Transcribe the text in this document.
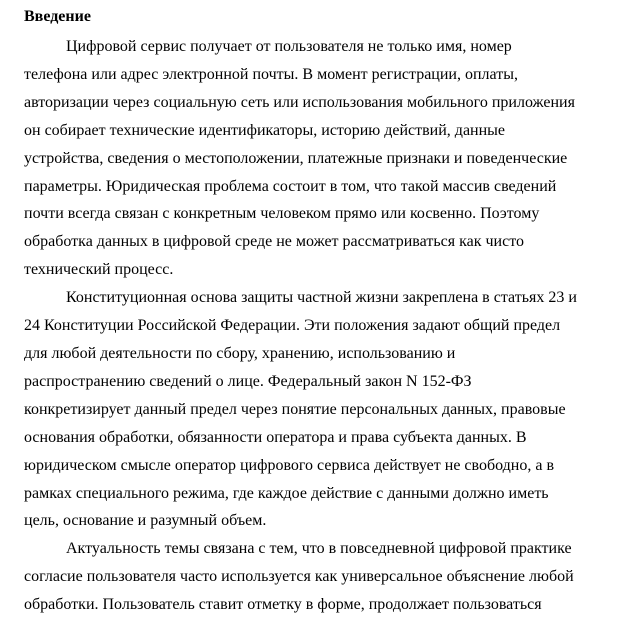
Введение
Цифровой сервис получает от пользователя не только имя, номер
телефона или адрес электронной почты. В момент регистрации, оплаты,
авторизации через социальную сеть или использования мобильного приложения
он собирает технические идентификаторы, историю действий, данные
устройства, сведения о местоположении, платежные признаки и поведенческие
параметры. Юридическая проблема состоит в том, что такой массив сведений
почти всегда связан с конкретным человеком прямо или косвенно. Поэтому
обработка данных в цифровой среде не может рассматриваться как чисто
технический процесс.
Конституционная основа защиты частной жизни закреплена в статьях 23 и
24 Конституции Российской Федерации. Эти положения задают общий предел
для любой деятельности по сбору, хранению, использованию и
распространению сведений о лице. Федеральный закон N 152-ФЗ
конкретизирует данный предел через понятие персональных данных, правовые
основания обработки, обязанности оператора и права субъекта данных. В
юридическом смысле оператор цифрового сервиса действует не свободно, а в
рамках специального режима, где каждое действие с данными должно иметь
цель, основание и разумный объем.
Актуальность темы связана с тем, что в повседневной цифровой практике
согласие пользователя часто используется как универсальное объяснение любой
обработки. Пользователь ставит отметку в форме, продолжает пользоваться
